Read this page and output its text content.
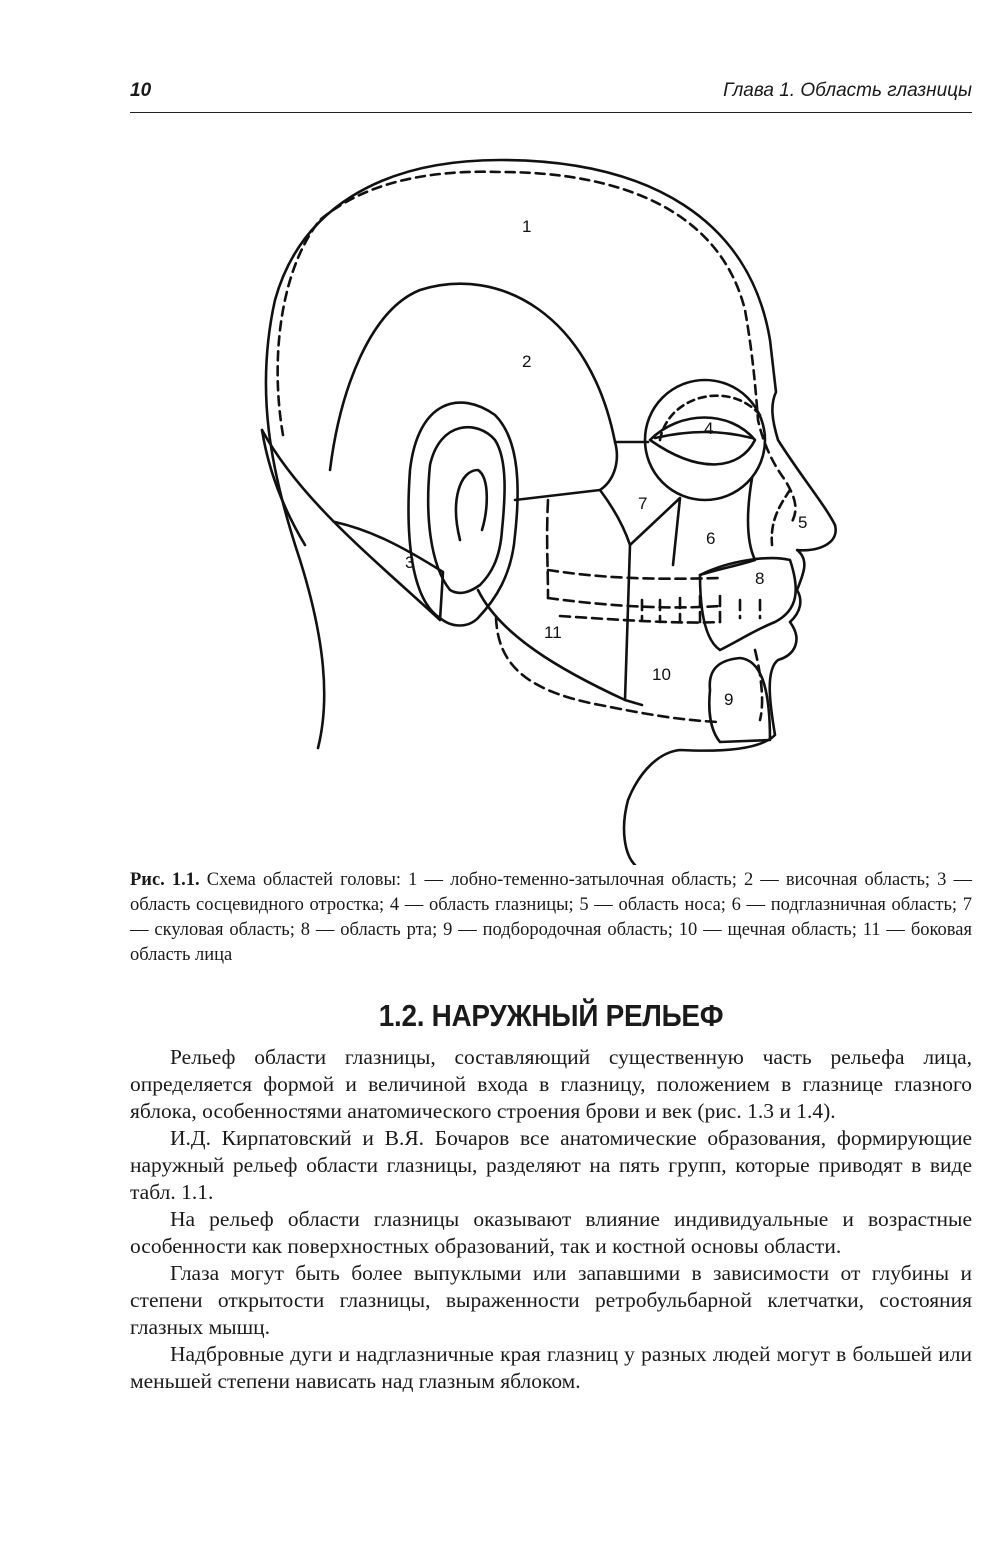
10	Глава 1. Область глазницы
1
2
3
4
5
6
7
8
9
10
11
Рис. 1.1. Схема областей головы: 1 — лобно-теменно-затылочная область; 2 — височная область; 3 — область сосцевидного отростка; 4 — область глазницы; 5 — область носа; 6 — подглазничная область; 7 — скуловая область; 8 — область рта; 9 — подбородочная область; 10 — щечная область; 11 — боковая область лица
1.2. НАРУЖНЫЙ РЕЛЬЕФ

Рельеф области глазницы, составляющий существенную часть рельефа лица, определяется формой и величиной входа в глазницу, положением в глазнице глазного яблока, особенностями анатомического строения брови и век (рис. 1.3 и 1.4).

И.Д. Кирпатовский и В.Я. Бочаров все анатомические образования, формирующие наружный рельеф области глазницы, разделяют на пять групп, которые приводят в виде табл. 1.1.

На рельеф области глазницы оказывают влияние индивидуальные и возрастные особенности как поверхностных образований, так и костной основы области.

Глаза могут быть более выпуклыми или запавшими в зависимости от глубины и степени открытости глазницы, выраженности ретробульбарной клетчатки, состояния глазных мышц.

Надбровные дуги и надглазничные края глазниц у разных людей могут в большей или меньшей степени нависать над глазным яблоком.
